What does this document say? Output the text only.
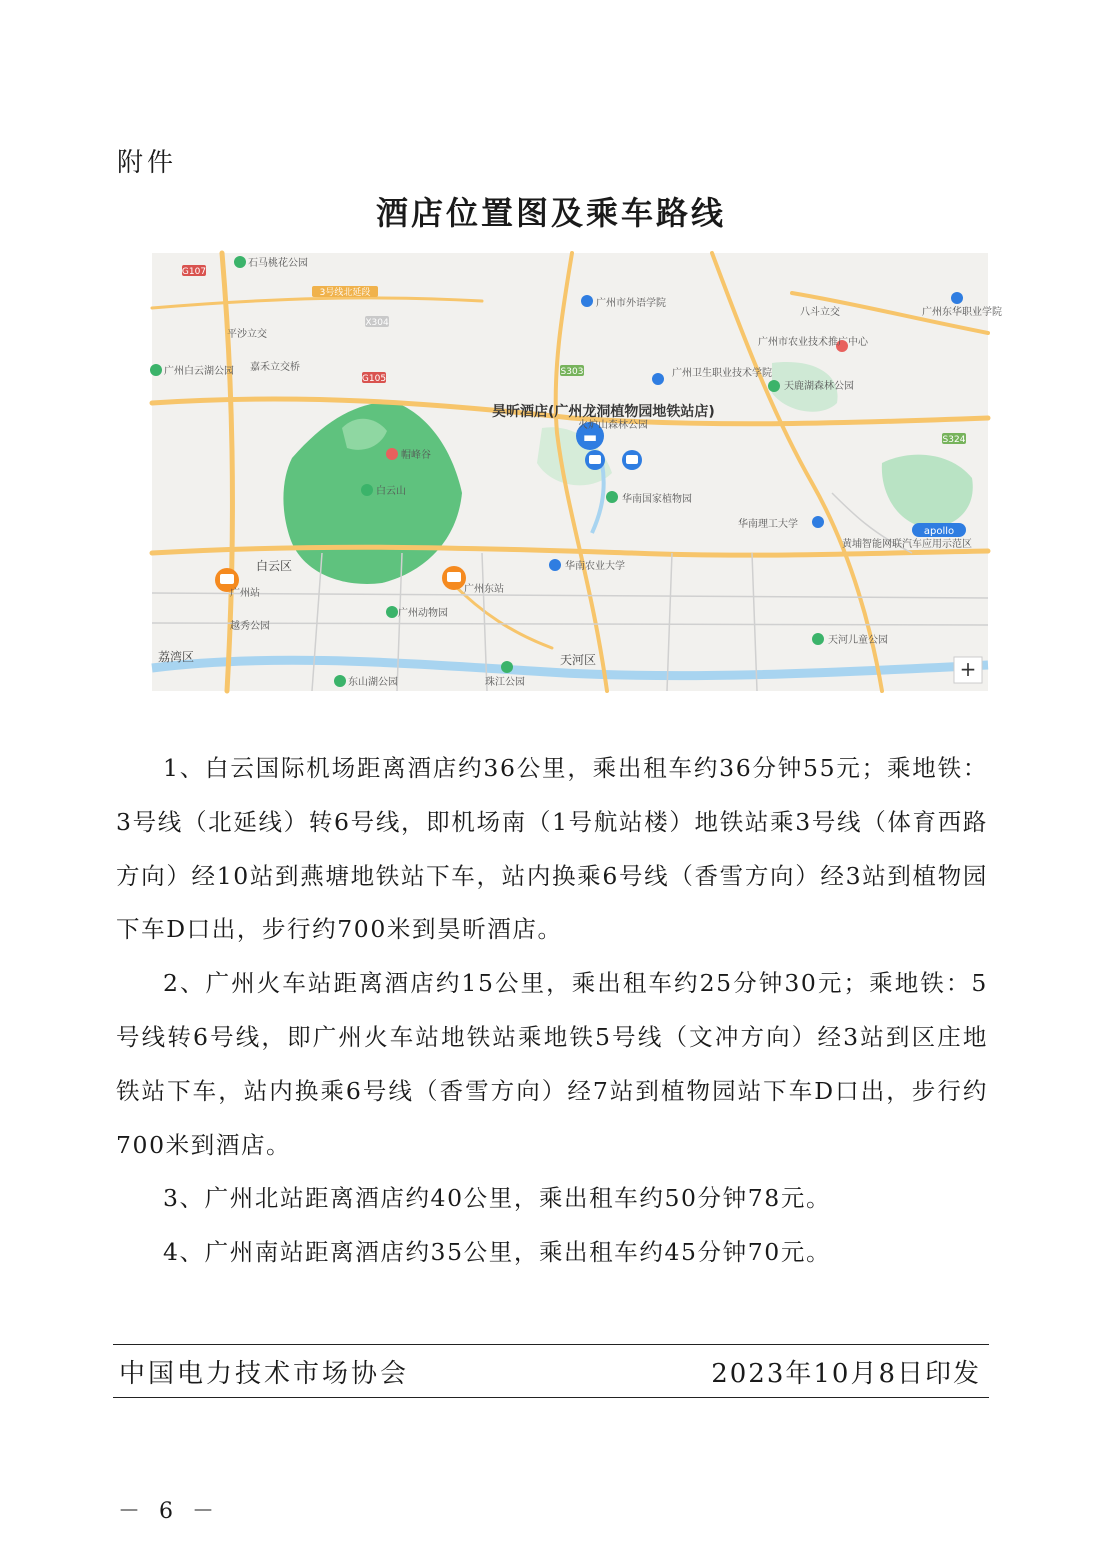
附件
酒店位置图及乘车路线
▬
G107
X304
G105
S303
S324
3号线北延段
石马桃花公园
平沙立交
嘉禾立交桥
广州白云湖公园
帽峰谷
白云山
白云区
广州站
越秀公园
荔湾区
东山湖公园
广州动物园
珠江公园
天河区
广州东站
广州市外语学院
广州卫生职业技术学院
广州市农业技术推广中心
天鹿湖森林公园
八斗立交	广州东华职业学院
火炉山森林公园
华南国家植物园
华南农业大学
华南理工大学
黄埔智能网联汽车应用示范区
天河儿童公园
昊昕酒店(广州龙洞植物园地铁站店)
apollo
+

1、白云国际机场距离酒店约36公里，乘出租车约36分钟55元；乘地铁：3号线（北延线）转6号线，即机场南（1号航站楼）地铁站乘3号线（体育西路方向）经10站到燕塘地铁站下车，站内换乘6号线（香雪方向）经3站到植物园下车D口出，步行约700米到昊昕酒店。

2、广州火车站距离酒店约15公里，乘出租车约25分钟30元；乘地铁：5号线转6号线，即广州火车站地铁站乘地铁5号线（文冲方向）经3站到区庄地铁站下车，站内换乘6号线（香雪方向）经7站到植物园站下车D口出，步行约700米到酒店。

3、广州北站距离酒店约40公里，乘出租车约50分钟78元。

4、广州南站距离酒店约35公里，乘出租车约45分钟70元。

中国电力技术市场协会	2023年10月8日印发
－ 6 －
